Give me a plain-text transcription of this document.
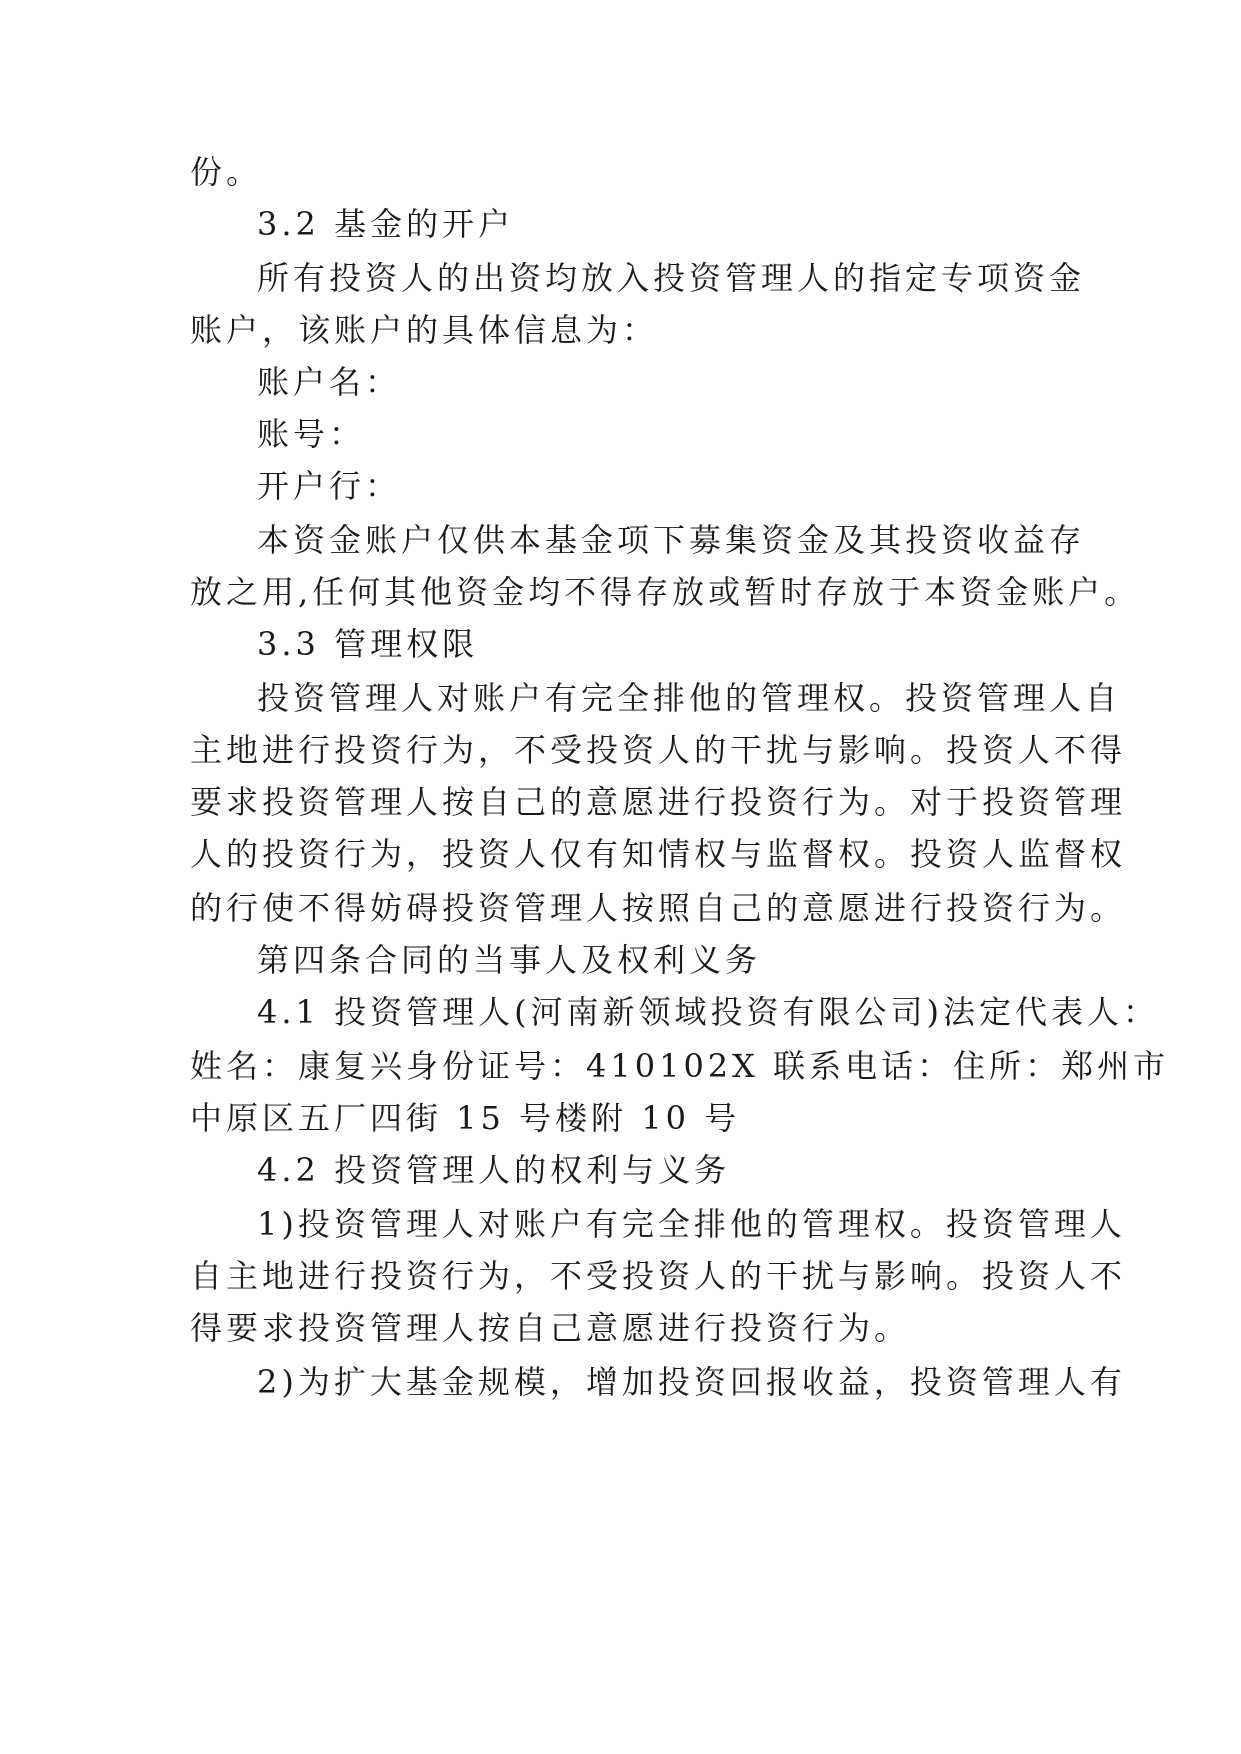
份。
3.2 基金的开户
所有投资人的出资均放入投资管理人的指定专项资金
账户，该账户的具体信息为：
账户名：
账号：
开户行：
本资金账户仅供本基金项下募集资金及其投资收益存
放之用,任何其他资金均不得存放或暂时存放于本资金账户。
3.3 管理权限
投资管理人对账户有完全排他的管理权。投资管理人自
主地进行投资行为，不受投资人的干扰与影响。投资人不得
要求投资管理人按自己的意愿进行投资行为。对于投资管理
人的投资行为，投资人仅有知情权与监督权。投资人监督权
的行使不得妨碍投资管理人按照自己的意愿进行投资行为。
第四条合同的当事人及权利义务
4.1 投资管理人(河南新领域投资有限公司)法定代表人：
姓名：康复兴身份证号：410102X 联系电话：住所：郑州市
中原区五厂四街 15 号楼附 10 号
4.2 投资管理人的权利与义务
1)投资管理人对账户有完全排他的管理权。投资管理人
自主地进行投资行为，不受投资人的干扰与影响。投资人不
得要求投资管理人按自己意愿进行投资行为。
2)为扩大基金规模，增加投资回报收益，投资管理人有
